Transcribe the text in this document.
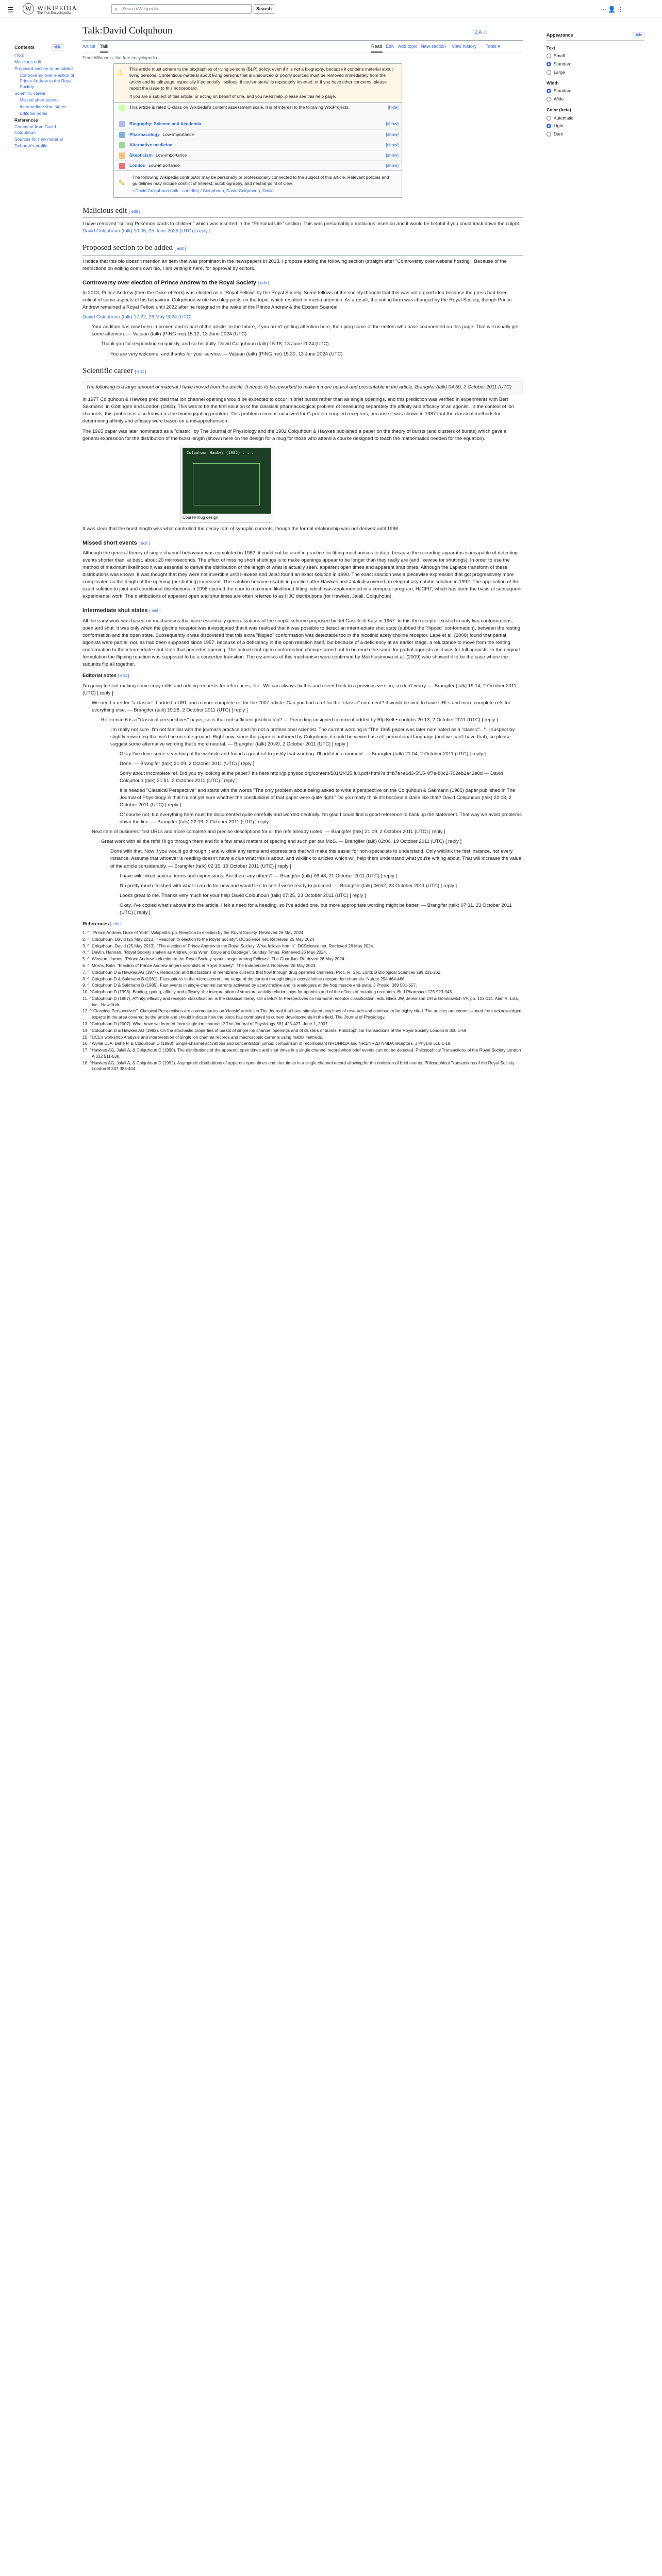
☰	W WIKIPEDIA
The Free Encyclopedia
⌕	Search Wikipedia	Search	⋯ 👤 ⋮
Contents	hide
(Top)
Malicious edit
Proposed section to be added
Controversy over election of Prince Andrew to the Royal Society
Scientific career
Missed short events
Intermediate shut states
Editorial notes
References
Comment from David Colquhoun
Sources for new material
Deborah's profile
Appearance	hide
Text
Small
Standard
Large
Width
Standard
Wide
Color (beta)
Automatic
Light
Dark
Talk:David Colquhoun	文A ☆
Article Talk	Read Edit Add topic New section View history Tools ▾
From Wikipedia, the free encyclopedia
⚠ This article must adhere to the biographies of living persons (BLP) policy, even if it is not a biography, because it contains material about living persons. Contentious material about living persons that is unsourced or poorly sourced must be removed immediately from the article and its talk page, especially if potentially libellous. If such material is repeatedly inserted, or if you have other concerns, please report the issue to this noticeboard.
If you are a subject of this article, or acting on behalf of one, and you need help, please see this help page.
This article is rated C-class on Wikipedia's content assessment scale. It is of interest to the following WikiProjects:	[hide]
Biography: Science and Academia	[show]
Pharmacology Low-importance	[show]
Alternative medicine	[show]
Skepticism Low-importance	[show]
London Low-importance	[show]
✎
The following Wikipedia contributor may be personally or professionally connected to the subject of this article. Relevant policies and guidelines may include conflict of interest, autobiography, and neutral point of view.
• David Colquhoun (talk · contribs) / Colquhoun, David Colquhoun, David
Malicious edit [ edit ]

I have removed "selling Pokémon cards to children" which was inserted in the "Personal Life" section. This was presumably a malicious insertion and it would be helpful if you could track down the culprit. David Colquhoun (talk) 10:05, 25 June 2025 (UTC) [ reply ]

Proposed section to be added [ edit ]

I notice that this bio doesn't mention an item that was prominent in the newspapers in 2013. I propose adding the following section (straight after "Controversy over website hosting". Because of the restrictions on editing one's own bio, I am writing it here, for approval by editors.

Controversy over election of Prince Andrew to the Royal Society [ edit ]

In 2013, Prince Andrew (then the Duke of York) was elected as a "Royal Fellow" by the Royal Society. Some fellows of the society thought that this was not a good idea because the press had been critical of some aspects of his behaviour. Colquhoun wrote two blog posts on the topic, which resulted in media attention. As a result, the voting form was changed by the Royal Society, though Prince Andrew remained a Royal Fellow until 2022 after he resigned in the wake of the Prince Andrew & the Epstein Scandal.

David Colquhoun (talk) 17:22, 26 May 2024 (UTC)

Your addition has now been improved and is part of the article. In the future, if you aren't getting attention here, then ping some of the editors who have commented on this page. That will usually get some attention. — Valjean (talk) (PING me) 15:12, 13 June 2024 (UTC)

Thank you for responding so quickly, and so helpfully. David Colquhoun (talk) 15:18, 13 June 2024 (UTC)

You are very welcome, and thanks for your service. — Valjean (talk) (PING me) 15:30, 13 June 2024 (UTC)

Scientific career [ edit ]
The following is a large amount of material I have moved from the article. It needs to be reworked to make it more neutral and presentable in the article. Brangifer (talk) 04:59, 2 October 2011 (UTC)

In 1977 Colquhoun & Hawkes predicted that ion channel openings would be expected to occur in brief bursts rather than as single openings, and this prediction was verified in experiments with Bert Sakmann, in Göttingen and London (1981). This was to be the first solution of the classical pharmacological problem of measuring separately the affinity and efficacy of an agonist. In the context of ion channels, this problem is also known as the binding/gating problem. This problem remains unsolved for G protein-coupled receptors, because it was shown in 1987 that the classical methods for determining affinity and efficacy were based on a misapprehension.

The 1965 paper was later nominated as a "classic" by The Journal of Physiology and the 1982 Colquhoun & Hawkes published a paper on the theory of bursts (and clusters of bursts) which gave a general expression for the distribution of the burst length (shown here on the design for a mug for those who attend a course designed to teach the mathematics needed for the equation).

Colquhoun Hawkes (1982) . . .
Course mug design

It was clear that the burst length was what controlled the decay rate of synaptic currents, though the formal relationship was not derived until 1998.

Missed short events [ edit ]

Although the general theory of single channel behaviour was completed in 1982, it could not be used in practice for fitting mechanisms to data, because the recording apparatus is incapable of detecting events shorter than, at best, about 20 microseconds. The effect of missing short shuttings is to make openings appear to be longer than they really are (and likewise for shuttings). In order to use the method of maximum likelihood it was essential to derive the distribution of the length of what is actually seen, apparent open times and apparent shut times. Although the Laplace transform of these distributions was known, it was thought that they were not invertible until Hawkes and Jalali found an exact solution in 1990. The exact solution was a piecewise expression that got progressively more complicated as the length of the opening (or shutting) increased. The solution became usable in practice after Hawkes and Jalali discovered an elegant asymptotic solution in 1992. The application of the exact solution to joint and conditional distributions in 1996 opened the door to maximum likelihood fitting, which was implemented in a computer program, HJCFIT, which has been the basis of subsequent experimental work. The distributions of apparent open and shut times are often referred to as HJC distributions (for Hawkes, Jalali, Colquhoun).

Intermediate shut states [ edit ]

All the early work was based on mechanisms that were essentially generalizations of the simple scheme proposed by del Castillo & Katz in 1957. In this the receptor existed in only two conformations, open and shut. It was only when the glycine receptor was investigated that it was realised that it was possible to detect an intermediate shut state (dubbed the "flipped" conformation), between the resting conformation and the open state. Subsequently it was discovered that this extra "flipped" conformation was detectable too in the nicotinic acetylcholine receptor. Lape et al. (2008) found that partial agonists were partial, not, as had been supposed since 1957, because of a deficiency in the open reaction itself, but because of a deficiency at an earlier stage, a reluctance to move from the resting conformation to the intermediate shut state that precedes opening. The actual shut-open conformation change turned out to be much the same for partial agonists as it was for full agonists. In the original formulation the flipping reaction was supposed to be a concerted transition. The essentials of this mechanism were confirmed by Mukhtasimova et al. (2009) who showed it to be the case where the subunits flip all together.

Editorial notes [ edit ]

I'm going to start making some copy edits and adding requests for references, etc.. We can always fix this and revert back to a previous version, so don't worry. — Brangifer (talk) 19:14, 2 October 2011 (UTC) [ reply ]

We need a ref for "a classic". I added a URL and a more complete ref for the 2007 article. Can you find a ref for the "classic" comment? It would be nice to have URLs and more complete refs for everything else. — Brangifer (talk) 19:28, 2 October 2011 (UTC) [ reply ]

Reference 6 is a "classical perspectives" paper, so is that not sufficient justification? — Preceding unsigned comment added by Rlp.Kelt • contribs 20:13, 2 October 2011 (UTC) [ reply ]

I'm really not sure. I'm not familiar with the journal's practice and I'm not a professional scientist. The current wording is "The 1965 paper was later nominated as a "classic"...". I suspect by slightly rewording that we'd be on safe ground. Right now, since the paper is authored by Colquhoun, it could be viewed as self-promotional language (and we can't have that), so please suggest some alternative wording that's more neutral. — Brangifer (talk) 20:49, 2 October 2011 (UTC) [ reply ]

Okay I've done some searching of the website and found a great ref to justify that wording. I'll add it in a moment. — Brangifer (talk) 21:04, 2 October 2011 (UTC) [ reply ]

Done. — Brangifer (talk) 21:09, 2 October 2011 (UTC) [ reply ]

Sorry about incomplete ref. Did you try looking at the paper? It's here http://jp.physoc.org/content/581/2/425.full.pdf+html?sid=b7e4e6d3-5f15-4f7e-80c2-702eb2a43e0d — David Colquhoun (talk) 21:51, 2 October 2011 (UTC) [ reply ]

It is headed "Classical Perspective" and starts with the words "The only problem about being asked to write a perspective on the Colquhoun & Sakmann (1985) paper published in The Journal of Physiology is that I'm not yet sure whether the conclusions of that paper were quite right." Do you really think it'll become a claim like that? David Colquhoun (talk) 22:08, 2 October 2011 (UTC) [ reply ]

Of course not, but everything here must be documented quite carefully and worded neutrally. I'm glad I could find a good reference to back up the statement. That way we avoid problems down the line. — Brangifer (talk) 22:19, 2 October 2011 (UTC) [ reply ]

Next item of business: find URLs and more complete and precise descriptions for all the refs already noted. — Brangifer (talk) 21:09, 2 October 2011 (UTC) [ reply ]

Great work with all the refs! I'll go through them and fix a few small matters of spacing and such per our MoS. — Brangifer (talk) 02:00, 19 October 2011 (UTC) [ reply ]

Done with that. Now if you would go through it and wikilink any terms and expressions that will make this easier for non-specialists to understand. Only wikilink the first instance, not every instance. Assume that whoever is reading doesn't have a clue what this is about, and wikilink to articles which will help them understand what you're writing about. That will increase the value of the article considerably. — Brangifer (talk) 02:15, 19 October 2011 (UTC) [ reply ]

I have wikilinked several terms and expressions. Are there any others? — Brangifer (talk) 06:48, 21 October 2011 (UTC) [ reply ]

I'm pretty much finished with what I can do for now and would like to see if we're ready to proceed. — Brangifer (talk) 06:52, 23 October 2011 (UTC) [ reply ]

Looks great to me. Thanks very much for your help David Colquhoun (talk) 07:25, 23 October 2011 (UTC) [ reply ]

Okay, I've copied what's above into the article. I felt a need for a heading, so I've added one, but more appropriate wording might be better. — Brangifer (talk) 07:31, 23 October 2011 (UTC) [ reply ]

References [ edit ]
1. ^ "Prince Andrew, Duke of York". Wikipedia. pp. Reaction to election by the Royal Society. Retrieved 26 May 2024.
2. ^ Colquhoun, David (25 May 2013). "Reaction to election to the Royal Society". DCScience.net. Retrieved 26 May 2024.
3. ^ Colquhoun, David (25 May 2013). "The election of Prince Andrew to the Royal Society. What follows from it". DCScience.net. Retrieved 26 May 2024.
4. ^ Devlin, Hannah. "Royal Society shaken as Andrew joins Wren, Boyle and Babbage". Sunday Times. Retrieved 26 May 2024.
5. ^ Winston, James. "Prince Andrew's election to the Royal Society sparks anger among Fellows". The Guardian. Retrieved 26 May 2024.
6. ^ Morris, Kate. "Election of Prince Andrew angers scientists at Royal Society". The Independent. Retrieved 26 May 2024.
7. ^ Colquhoun D & Hawkes AG (1977). Relaxation and fluctuations of membrane currents that flow through drug operated channels. Proc. R. Soc. Lond. B Biological Sciences 199 231-262.
8. ^ Colquhoun D & Sakmann B (1981). Fluctuations in the microsecond time range of the current through single acetylcholine receptor ion channels. Nature 294 464-466.
9. ^ Colquhoun D & Sakmann B (1985). Fast events in single-channel currents activated by acetylcholine and its analogues at the frog muscle end-plate. J Physiol 369 501-557.
10. ^ Colquhoun D (1998). Binding, gating, affinity and efficacy: the interpretation of structure-activity relationships for agonists and of the effects of mutating receptors. Br J Pharmacol 125 923-948.
11. ^ Colquhoun D (1987). Affinity, efficacy and receptor classification: is the classical theory still useful? In Perspectives on hormone receptor classification, eds. Black JW, Jenkinson DH & Gerskowitch VP, pp. 103-114. Alan R. Liss, Inc., New York.
12. ^ "Classical Perspectives". Classical Perspectives are commentaries on 'classic' articles in The Journal that have stimulated new lines of research and continue to be highly cited. The articles are commissioned from acknowledged experts in the area covered by the article and should indicate how the piece has contributed to current developments in the field. The Journal of Physiology.
13. ^ Colquhoun D (2007). What have we learned from single ion channels? The Journal of Physiology 581 425-427. June 1, 2007.
14. ^ Colquhoun D & Hawkes AG (1982). On the stochastic properties of bursts of single ion channel openings and of clusters of bursts. Philosophical Transactions of the Royal Society London B 300 1-59.
15. ^ UCL's workshop Analysis and interpretation of single ion channel records and macroscopic currents using matrix methods.
16. ^ Wyllie DJA, Béhé P, & Colquhoun D (1998). Single-channel activations and concentration jumps: comparison of recombinant NR1/NR2A and NR1/NR2D NMDA receptors. J Physiol 510 1-18.
17. ^ Hawkes AG, Jalali A, & Colquhoun D (1990). The distributions of the apparent open times and shut times in a single channel record when brief events can not be detected. Philosophical Transactions of the Royal Society London A 332 511-538.
18. ^ Hawkes AG, Jalali A, & Colquhoun D (1992). Asymptotic distributions of apparent open times and shut times in a single channel record allowing for the omission of brief events. Philosophical Transactions of the Royal Society London B 337 383-404.
